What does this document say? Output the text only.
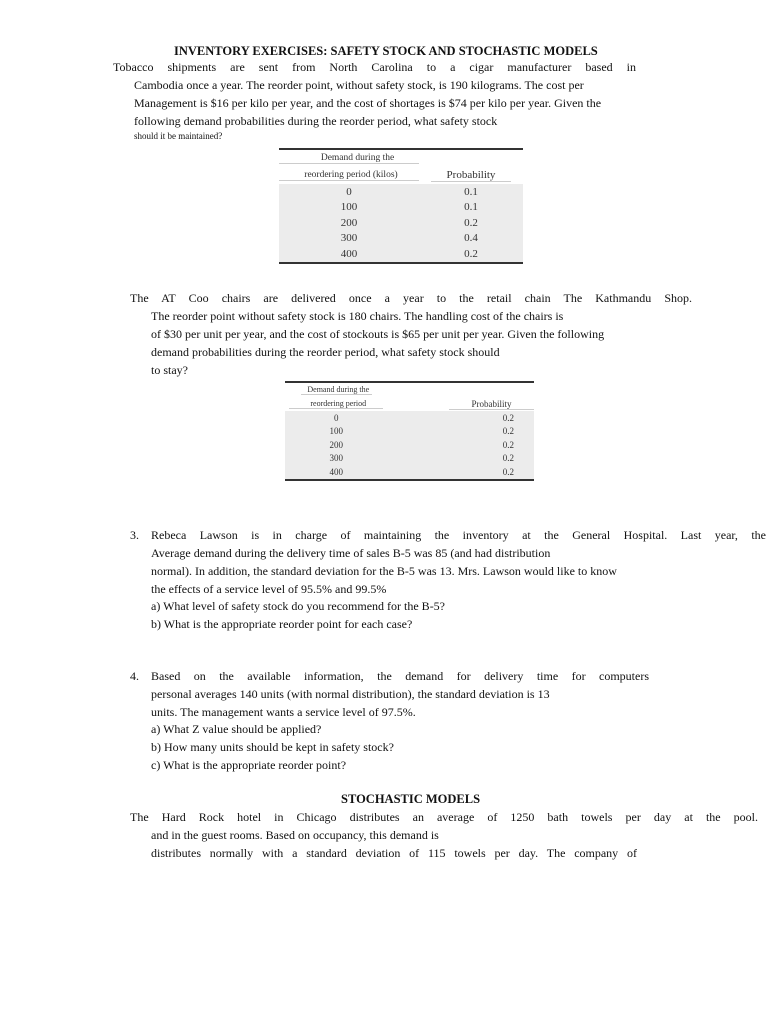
INVENTORY EXERCISES: SAFETY STOCK AND STOCHASTIC MODELS

Tobacco shipments are sent from North Carolina to a cigar manufacturer based in

Cambodia once a year. The reorder point, without safety stock, is 190 kilograms. The cost per

Management is $16 per kilo per year, and the cost of shortages is $74 per kilo per year. Given the

following demand probabilities during the reorder period, what safety stock

should it be maintained?

Demand during the	
reordering period (kilos)	Probability
0	0.1
100	0.1
200	0.2
300	0.4
400	0.2

The AT Coo chairs are delivered once a year to the retail chain The Kathmandu Shop.

The reorder point without safety stock is 180 chairs. The handling cost of the chairs is

of $30 per unit per year, and the cost of stockouts is $65 per unit per year. Given the following

demand probabilities during the reorder period, what safety stock should

to stay?

Demand during the	
reordering period	Probability
0	0.2
100	0.2
200	0.2
300	0.2
400	0.2

3. Rebeca Lawson is in charge of maintaining the inventory at the General Hospital. Last year, the

Average demand during the delivery time of sales B-5 was 85 (and had distribution

normal). In addition, the standard deviation for the B-5 was 13. Mrs. Lawson would like to know

the effects of a service level of 95.5% and 99.5%

a) What level of safety stock do you recommend for the B-5?

b) What is the appropriate reorder point for each case?

4. Based on the available information, the demand for delivery time for computers

personal averages 140 units (with normal distribution), the standard deviation is 13

units. The management wants a service level of 97.5%.

a) What Z value should be applied?

b) How many units should be kept in safety stock?

c) What is the appropriate reorder point?

STOCHASTIC MODELS

The Hard Rock hotel in Chicago distributes an average of 1250 bath towels per day at the pool.

and in the guest rooms. Based on occupancy, this demand is

distributes normally with a standard deviation of 115 towels per day. The company of
